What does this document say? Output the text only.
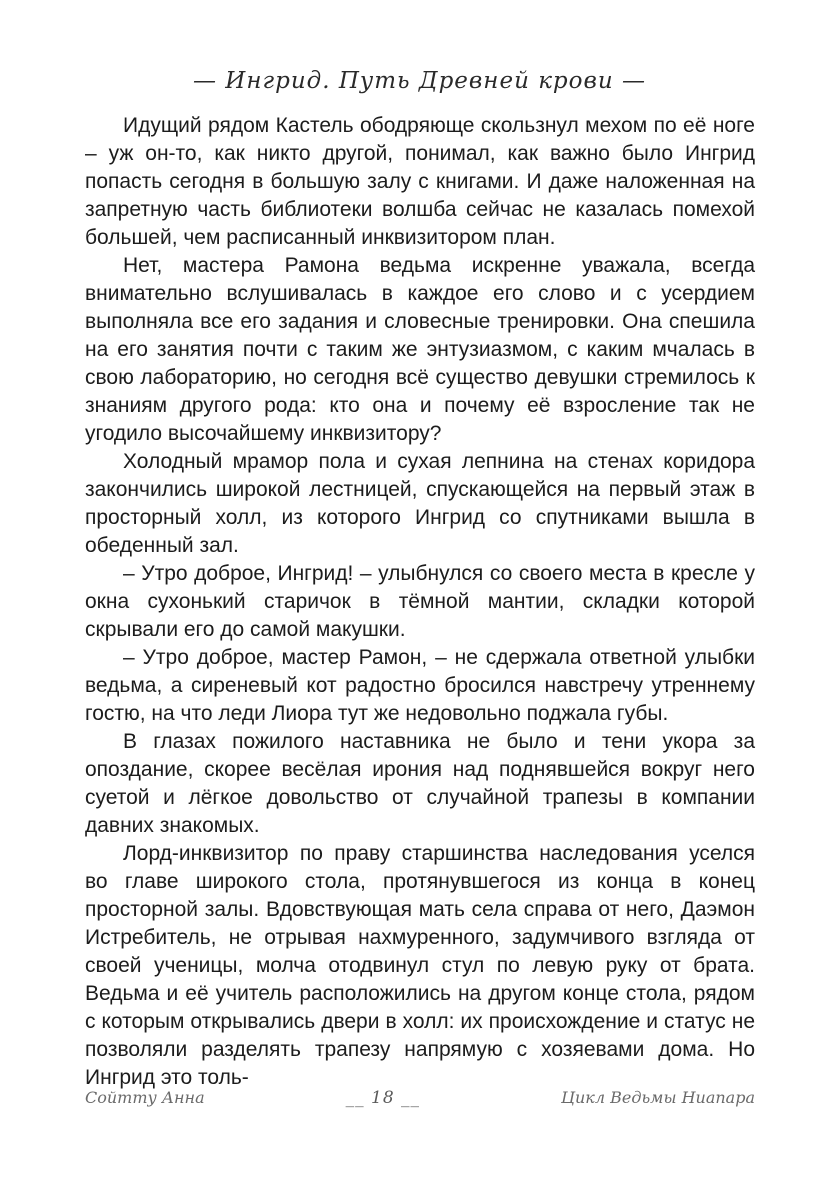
— Ингрид. Путь Древней крови —

Идущий рядом Кастель ободряюще скользнул мехом по её ноге – уж он-то, как никто другой, понимал, как важно было Ингрид попасть сегодня в большую залу с книгами. И даже наложенная на запретную часть библиотеки волшба сейчас не казалась помехой большей, чем расписанный инквизитором план.

Нет, мастера Рамона ведьма искренне уважала, всегда внимательно вслушивалась в каждое его слово и с усердием выполняла все его задания и словесные тренировки. Она спешила на его занятия почти с таким же энтузиазмом, с каким мчалась в свою лабораторию, но сегодня всё существо девушки стремилось к знаниям другого рода: кто она и почему её взросление так не угодило высочайшему инквизитору?

Холодный мрамор пола и сухая лепнина на стенах коридора закончились широкой лестницей, спускающейся на первый этаж в просторный холл, из которого Ингрид со спутниками вышла в обеденный зал.

– Утро доброе, Ингрид! – улыбнулся со своего места в кресле у окна сухонький старичок в тёмной мантии, складки которой скрывали его до самой макушки.

– Утро доброе, мастер Рамон, – не сдержала ответной улыбки ведьма, а сиреневый кот радостно бросился навстречу утреннему гостю, на что леди Лиора тут же недовольно поджала губы.

В глазах пожилого наставника не было и тени укора за опоздание, скорее весёлая ирония над поднявшейся вокруг него суетой и лёгкое довольство от случайной трапезы в компании давних знакомых.

Лорд-инквизитор по праву старшинства наследования уселся во главе широкого стола, протянувшегося из конца в конец просторной залы. Вдовствующая мать села справа от него, Даэмон Истребитель, не отрывая нахмуренного, задумчивого взгляда от своей ученицы, молча отодвинул стул по левую руку от брата. Ведьма и её учитель расположились на другом конце стола, рядом с которым открывались двери в холл: их происхождение и статус не позволяли разделять трапезу напрямую с хозяевами дома. Но Ингрид это толь-

Сойтту Анна	__ 18 __	Цикл Ведьмы Ниапара
